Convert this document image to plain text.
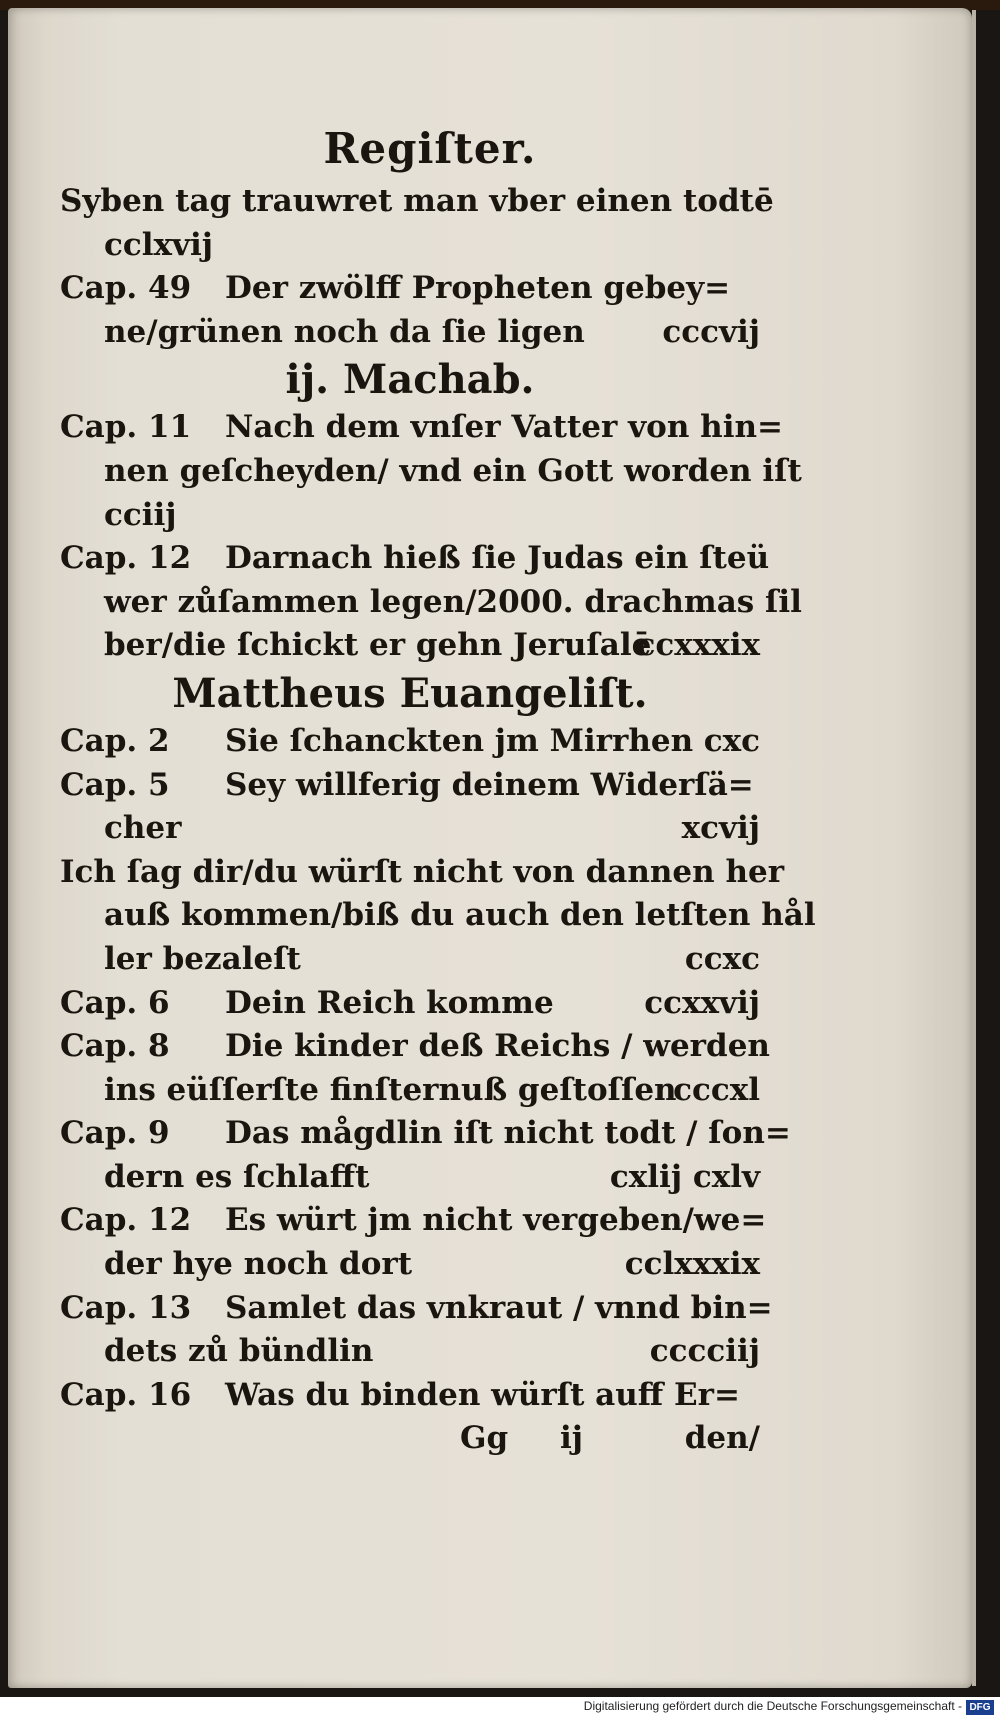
Regiſter.
Syben tag trauwret man vber einen todtē
cclxvij
Cap. 49 Der zwölff Propheten gebey=
ne/grünen noch da ſie ligen	cccvij
ij. Machab.
Cap. 11 Nach dem vnſer Vatter von hin=
nen geſcheyden/ vnd ein Gott worden iſt
cciij
Cap. 12 Darnach hieß ſie Judas ein ſteü
wer zůſammen legen/2000. drachmas ſil
ber/die ſchickt er gehn Jeruſalē
ccxxxix
Mattheus Euangeliſt.
Cap. 2 Sie ſchanckten jm Mirrhen cxc
Cap. 5 Sey willferig deinem Widerſä=
cher	xcvij
Ich ſag dir/du würſt nicht von dannen her
auß kommen/biß du auch den letſten hål
ler bezaleſt	ccxc
Cap. 6 Dein Reich komme	ccxxvij
Cap. 8 Die kinder deß Reichs / werden
ins eüſſerſte finſternuß geſtoſſen
cccxl
Cap. 9 Das mågdlin iſt nicht todt / ſon=
dern es ſchlafft	cxlij cxlv
Cap. 12 Es würt jm nicht vergeben/we=
der hye noch dort	cclxxxix
Cap. 13 Samlet das vnkraut / vnnd bin=
dets zů bündlin	cccciij
Cap. 16 Was du binden würſt auff Er=
Gg ij	den/
Digitalisierung gefördert durch die Deutsche Forschungsgemeinschaft - DFG
